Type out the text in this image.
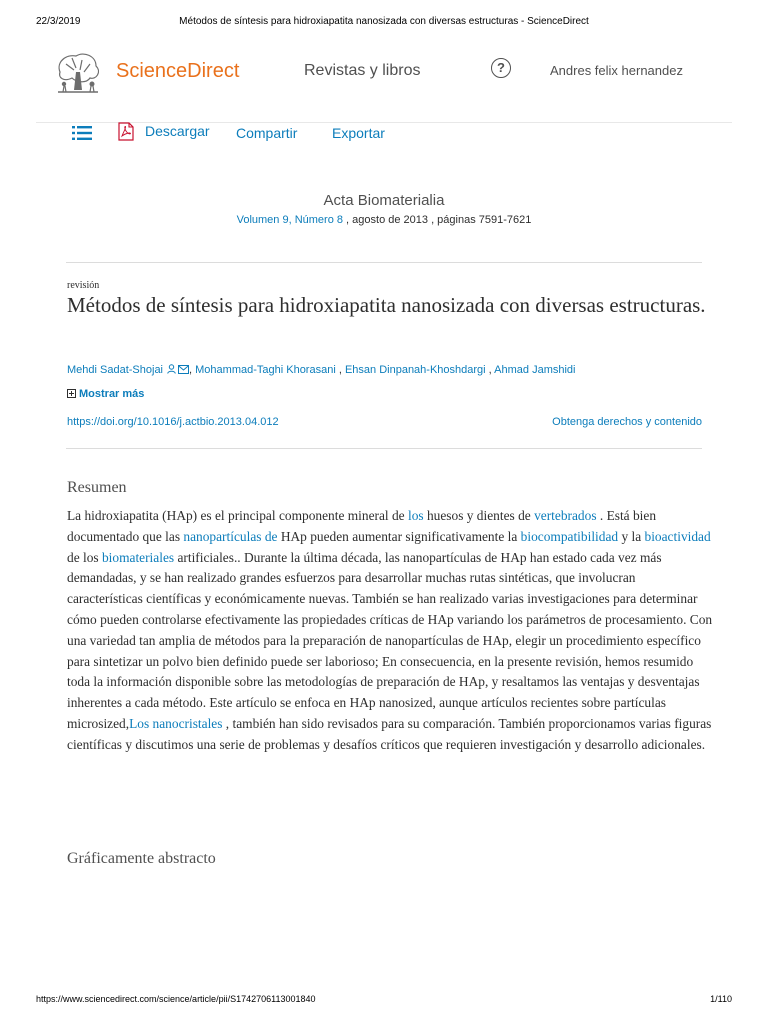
22/3/2019	Métodos de síntesis para hidroxiapatita nanosizada con diversas estructuras - ScienceDirect
ScienceDirect	Revistas y libros	?	Andres felix hernandez
Descargar Compartir Exportar
Acta Biomaterialia
Volumen 9, Número 8 , agosto de 2013 , páginas 7591-7621
revisión
Métodos de síntesis para hidroxiapatita nanosizada con diversas estructuras.
Mehdi Sadat-Shojai , Mohammad-Taghi Khorasani , Ehsan Dinpanah-Khoshdargi , Ahmad Jamshidi
Mostrar más
https://doi.org/10.1016/j.actbio.2013.04.012	Obtenga derechos y contenido
Resumen
La hidroxiapatita (HAp) es el principal componente mineral de los huesos y dientes de vertebrados . Está bien documentado que las nanopartículas de HAp pueden aumentar significativamente la biocompatibilidad y la bioactividad de los biomateriales artificiales.. Durante la última década, las nanopartículas de HAp han estado cada vez más demandadas, y se han realizado grandes esfuerzos para desarrollar muchas rutas sintéticas, que involucran características científicas y económicamente nuevas. También se han realizado varias investigaciones para determinar cómo pueden controlarse efectivamente las propiedades críticas de HAp variando los parámetros de procesamiento. Con una variedad tan amplia de métodos para la preparación de nanopartículas de HAp, elegir un procedimiento específico para sintetizar un polvo bien definido puede ser laborioso; En consecuencia, en la presente revisión, hemos resumido toda la información disponible sobre las metodologías de preparación de HAp, y resaltamos las ventajas y desventajas inherentes a cada método. Este artículo se enfoca en HAp nanosized, aunque artículos recientes sobre partículas microsized,Los nanocristales , también han sido revisados para su comparación. También proporcionamos varias figuras científicas y discutimos una serie de problemas y desafíos críticos que requieren investigación y desarrollo adicionales.
Gráficamente abstracto
https://www.sciencedirect.com/science/article/pii/S1742706113001840	1/110
